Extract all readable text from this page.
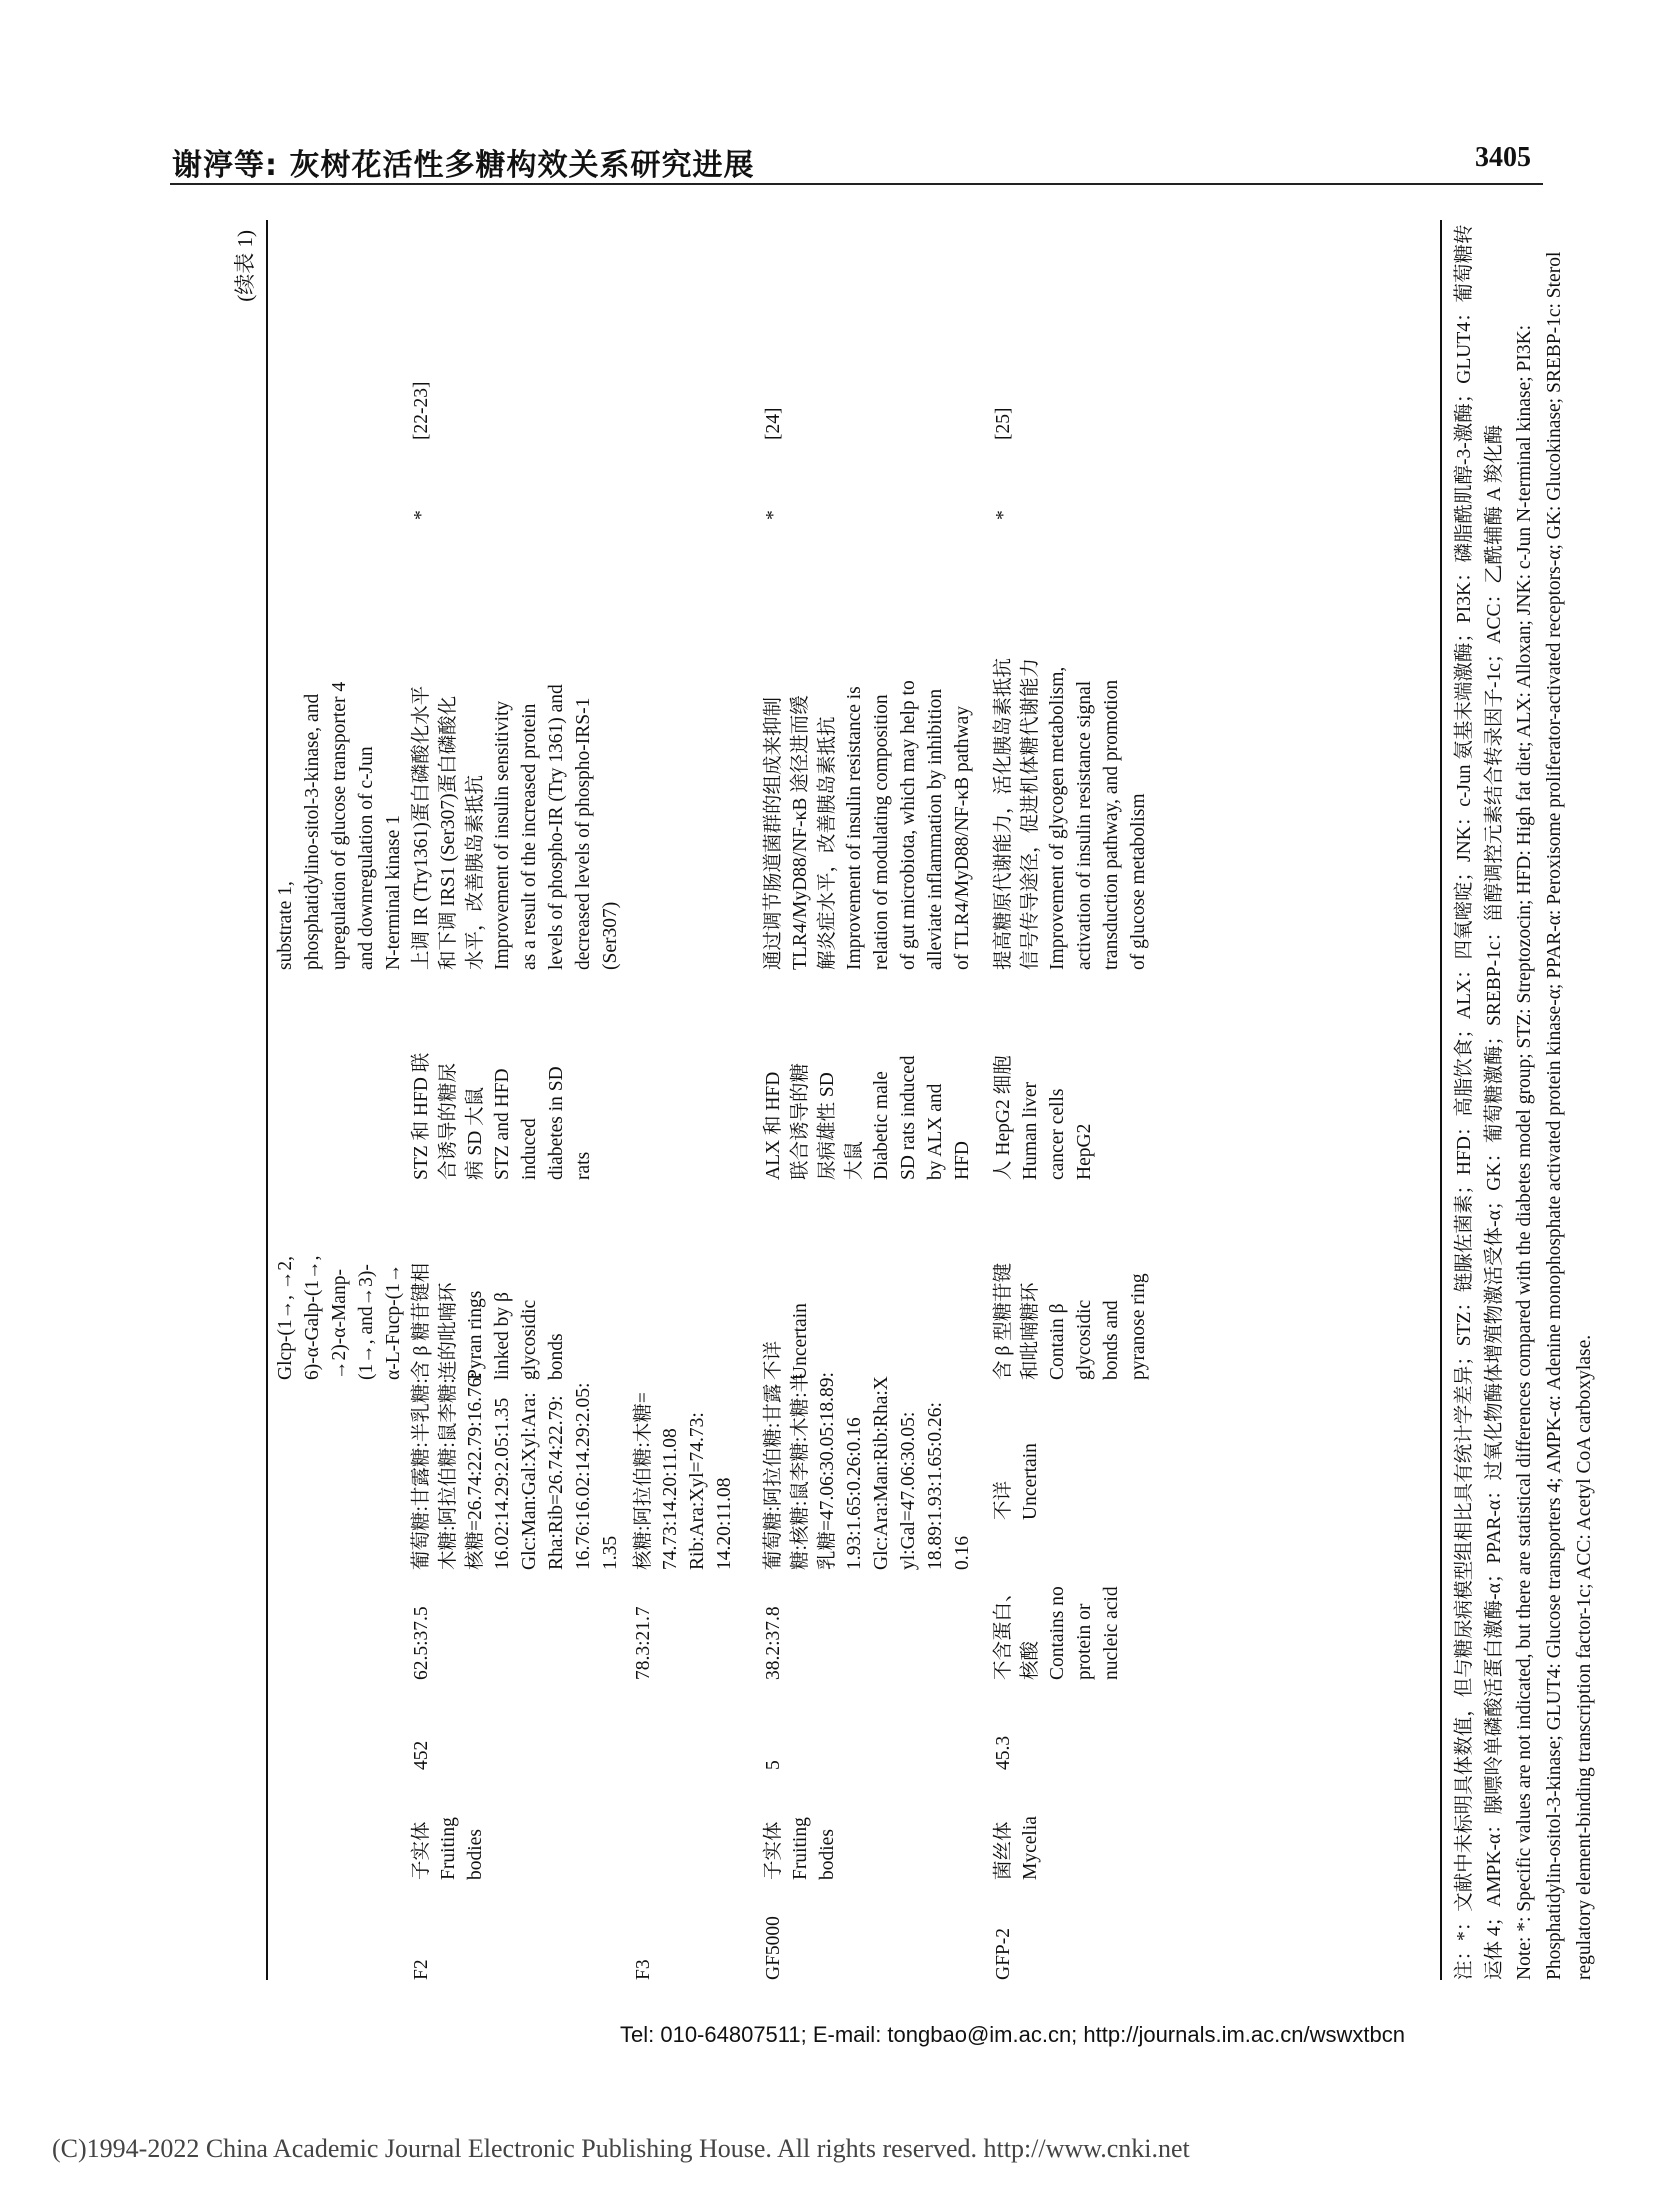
谢渟等: 灰树花活性多糖构效关系研究进展	3405
(续表 1)
Glcp-(1→, →2, 6)-α-Galp-(1→, →2)-α-Manp- (1→, and→3)-
substrate 1, phosphatidylino-sitol-3-kinase, and upregulation of glucose transporter 4 and downregulation of c-Jun
α-L-Fucp-(1→
N-terminal kinase 1
F2
子实体 Fruiting bodies
452
62.5:37.5
葡萄糖:甘露糖:半乳糖: 木糖:阿拉伯糖:鼠李糖: 核糖=26.74:22.79:16.76: 16.02:14.29:2.05:1.35 Glc:Man:Gal:Xyl:Ara: Rha:Rib=26.74:22.79: 16.76:16.02:14.29:2.05: 1.35
含 β 糖苷键相 连的吡喃环 Pyran rings linked by β glycosidic bonds
STZ 和 HFD 联 合诱导的糖尿 病 SD 大鼠 STZ and HFD induced diabetes in SD rats
上调 IR (Try1361)蛋白磷酸化水平 和下调 IRS1 (Ser307)蛋白磷酸化 水平，改善胰岛素抵抗 Improvement of insulin sensitivity as a result of the increased protein levels of phospho-IR (Try 1361) and decreased levels of phospho-IRS-1 (Ser307)
*
[22-23]
F3
78.3:21.7
核糖:阿拉伯糖:木糖= 74.73:14.20:11.08 Rib:Ara:Xyl=74.73: 14.20:11.08
GF5000
子实体 Fruiting bodies
5
38.2:37.8
葡萄糖:阿拉伯糖:甘露 糖:核糖:鼠李糖:木糖:半 乳糖=47.06:30.05:18.89: 1.93:1.65:0.26:0.16 Glc:Ara:Man:Rib:Rha:X yl:Gal=47.06:30.05: 18.89:1.93:1.65:0.26: 0.16
不详 Uncertain
ALX 和 HFD 联合诱导的糖 尿病雄性 SD 大鼠 Diabetic male SD rats induced by ALX and HFD
通过调节肠道菌群的组成来抑制 TLR4/MyD88/NF-κB 途径进而缓 解炎症水平，改善胰岛素抵抗 Improvement of insulin resistance is relation of modulating composition of gut microbiota, which may help to alleviate inflammation by inhibition of TLR4/MyD88/NF-κB pathway
*
[24]
GFP-2
菌丝体 Mycelia
45.3
不含蛋白、 核酸 Contains no protein or nucleic acid
不详 Uncertain
含 β 型糖苷键 和吡喃糖环 Contain β glycosidic bonds and pyranose ring
人 HepG2 细胞 Human liver cancer cells HepG2
提高糖原代谢能力，活化胰岛素抵抗 信号传导途径，促进机体糖代谢能力 Improvement of glycogen metabolism, activation of insulin resistance signal transduction pathway, and promotion of glucose metabolism
*
[25]	注：*：文献中未标明具体数值，但与糖尿病模型组相比具有统计学差异；STZ：链脲佐菌素；HFD：高脂饮食；ALX：四氧嘧啶；JNK：c-Jun 氨基末端激酶；PI3K：磷脂酰肌醇-3-激酶；GLUT4：葡萄糖转运体 4；AMPK-α：腺嘌呤单磷酸活蛋白激酶-α；PPAR-α：过氧化物酶体增殖物激活受体-α；GK：葡萄糖激酶；SREBP-1c：甾醇调控元素结合转录因子-1c；ACC：乙酰辅酶 A 羧化酶 Note: *: Specific values are not indicated, but there are statistical differences compared with the diabetes model group; STZ: Streptozocin; HFD: High fat diet; ALX: Alloxan; JNK: c-Jun N-terminal kinase; PI3K: Phosphatidylin-ositol-3-kinase; GLUT4: Glucose transporters 4; AMPK-α: Adenine monophosphate activated protein kinase-α; PPAR-α: Peroxisome proliferator-activated receptors-α; GK: Glucokinase; SREBP-1c: Sterol regulatory element-binding transcription factor-1c; ACC: Acetyl CoA carboxylase.

Tel: 010-64807511; E-mail: tongbao@im.ac.cn; http://journals.im.ac.cn/wswxtbcn
(C)1994-2022 China Academic Journal Electronic Publishing House. All rights reserved. http://www.cnki.net
